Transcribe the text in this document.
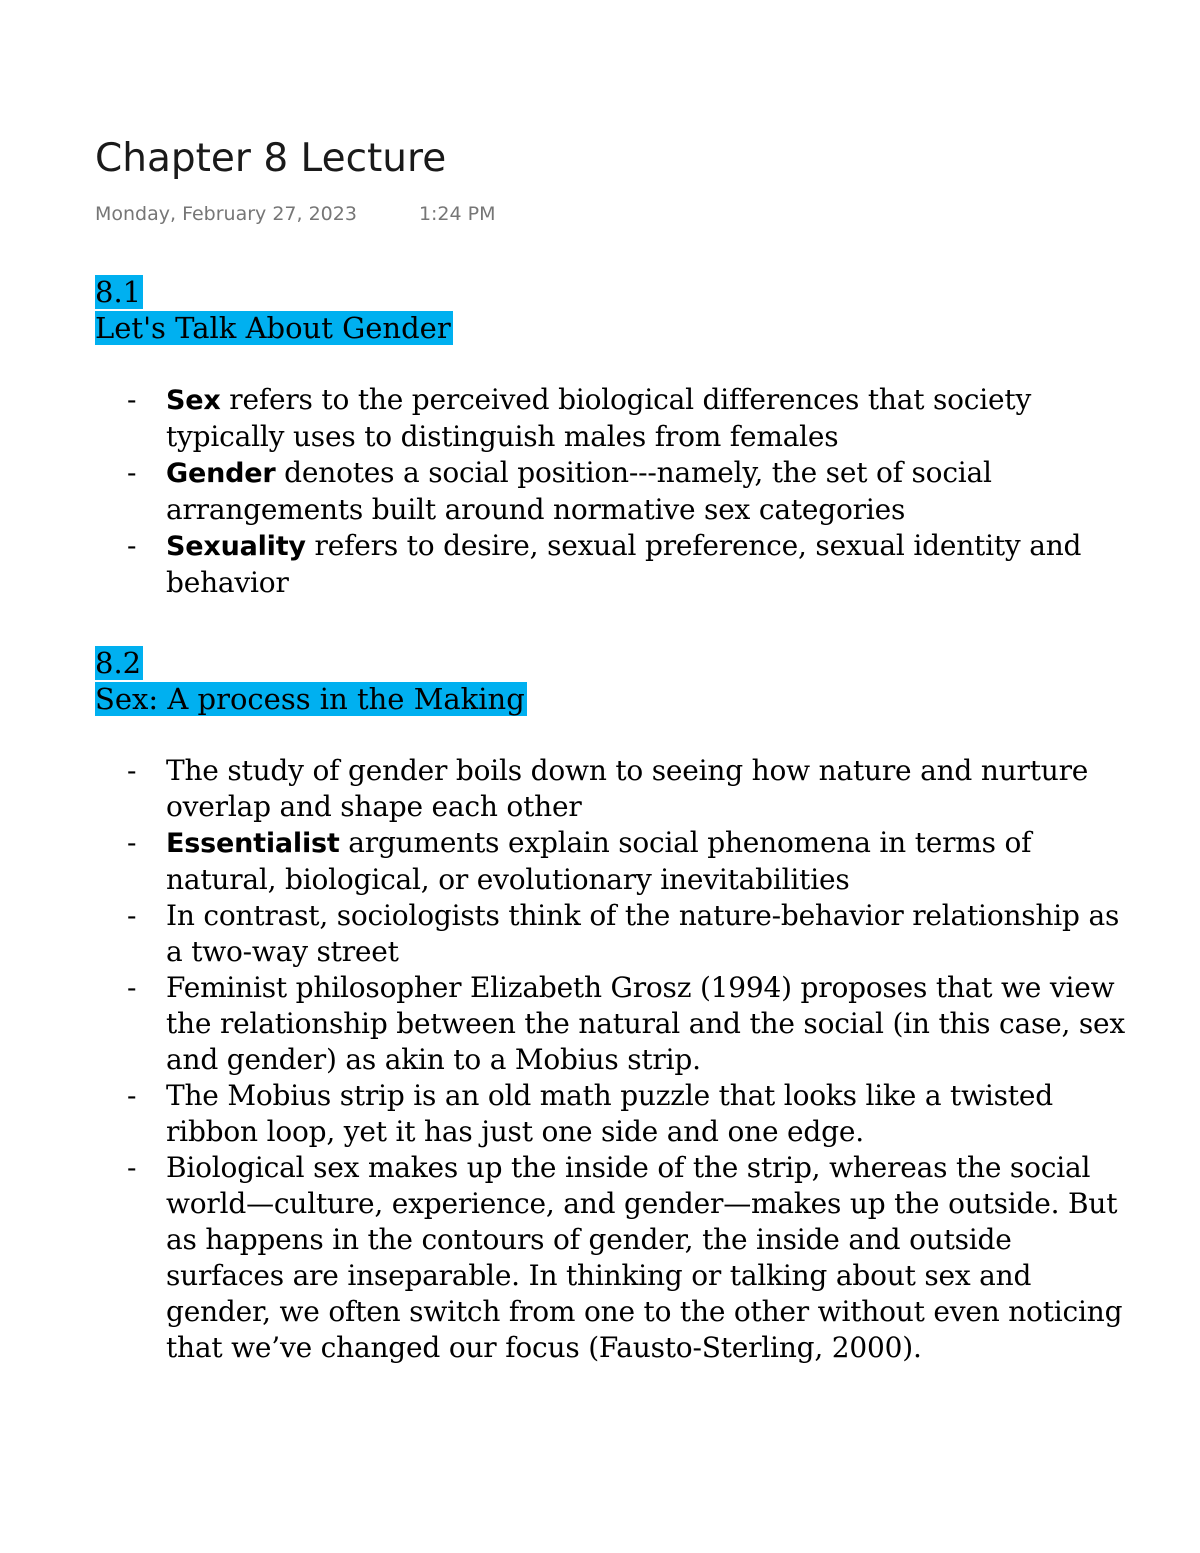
Chapter 8 Lecture
Monday, February 27, 2023	1:24 PM
8.1
Let's Talk About Gender
- Sex refers to the perceived biological differences that society typically uses to distinguish males from females
- Gender denotes a social position---namely, the set of social arrangements built around normative sex categories
- Sexuality refers to desire, sexual preference, sexual identity and behavior
8.2
Sex: A process in the Making
- The study of gender boils down to seeing how nature and nurture overlap and shape each other
- Essentialist arguments explain social phenomena in terms of natural, biological, or evolutionary inevitabilities
- In contrast, sociologists think of the nature-behavior relationship as a two-way street
- Feminist philosopher Elizabeth Grosz (1994) proposes that we view the relationship between the natural and the social (in this case, sex and gender) as akin to a Mobius strip.
- The Mobius strip is an old math puzzle that looks like a twisted ribbon loop, yet it has just one side and one edge.
- Biological sex makes up the inside of the strip, whereas the social world—culture, experience, and gender—makes up the outside. But as happens in the contours of gender, the inside and outside surfaces are inseparable. In thinking or talking about sex and gender, we often switch from one to the other without even noticing that we’ve changed our focus (Fausto-Sterling, 2000).
